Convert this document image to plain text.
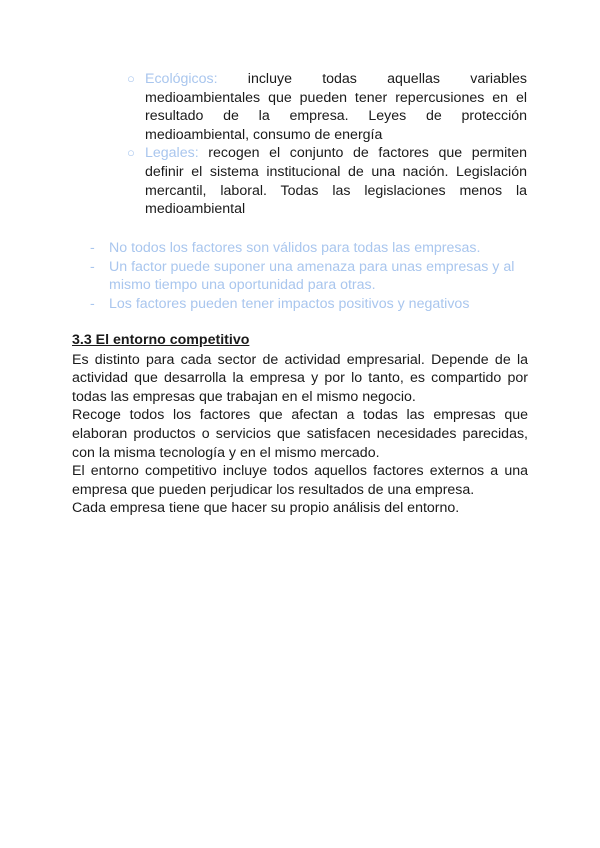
○ Ecológicos: incluye todas aquellas variables medioambientales que pueden tener repercusiones en el resultado de la empresa. Leyes de protección medioambiental, consumo de energía
○ Legales: recogen el conjunto de factores que permiten definir el sistema institucional de una nación. Legislación mercantil, laboral. Todas las legislaciones menos la medioambiental
- No todos los factores son válidos para todas las empresas.
- Un factor puede suponer una amenaza para unas empresas y al mismo tiempo una oportunidad para otras.
- Los factores pueden tener impactos positivos y negativos
3.3 El entorno competitivo

Es distinto para cada sector de actividad empresarial. Depende de la actividad que desarrolla la empresa y por lo tanto, es compartido por todas las empresas que trabajan en el mismo negocio.

Recoge todos los factores que afectan a todas las empresas que elaboran productos o servicios que satisfacen necesidades parecidas, con la misma tecnología y en el mismo mercado.

El entorno competitivo incluye todos aquellos factores externos a una empresa que pueden perjudicar los resultados de una empresa.

Cada empresa tiene que hacer su propio análisis del entorno.
